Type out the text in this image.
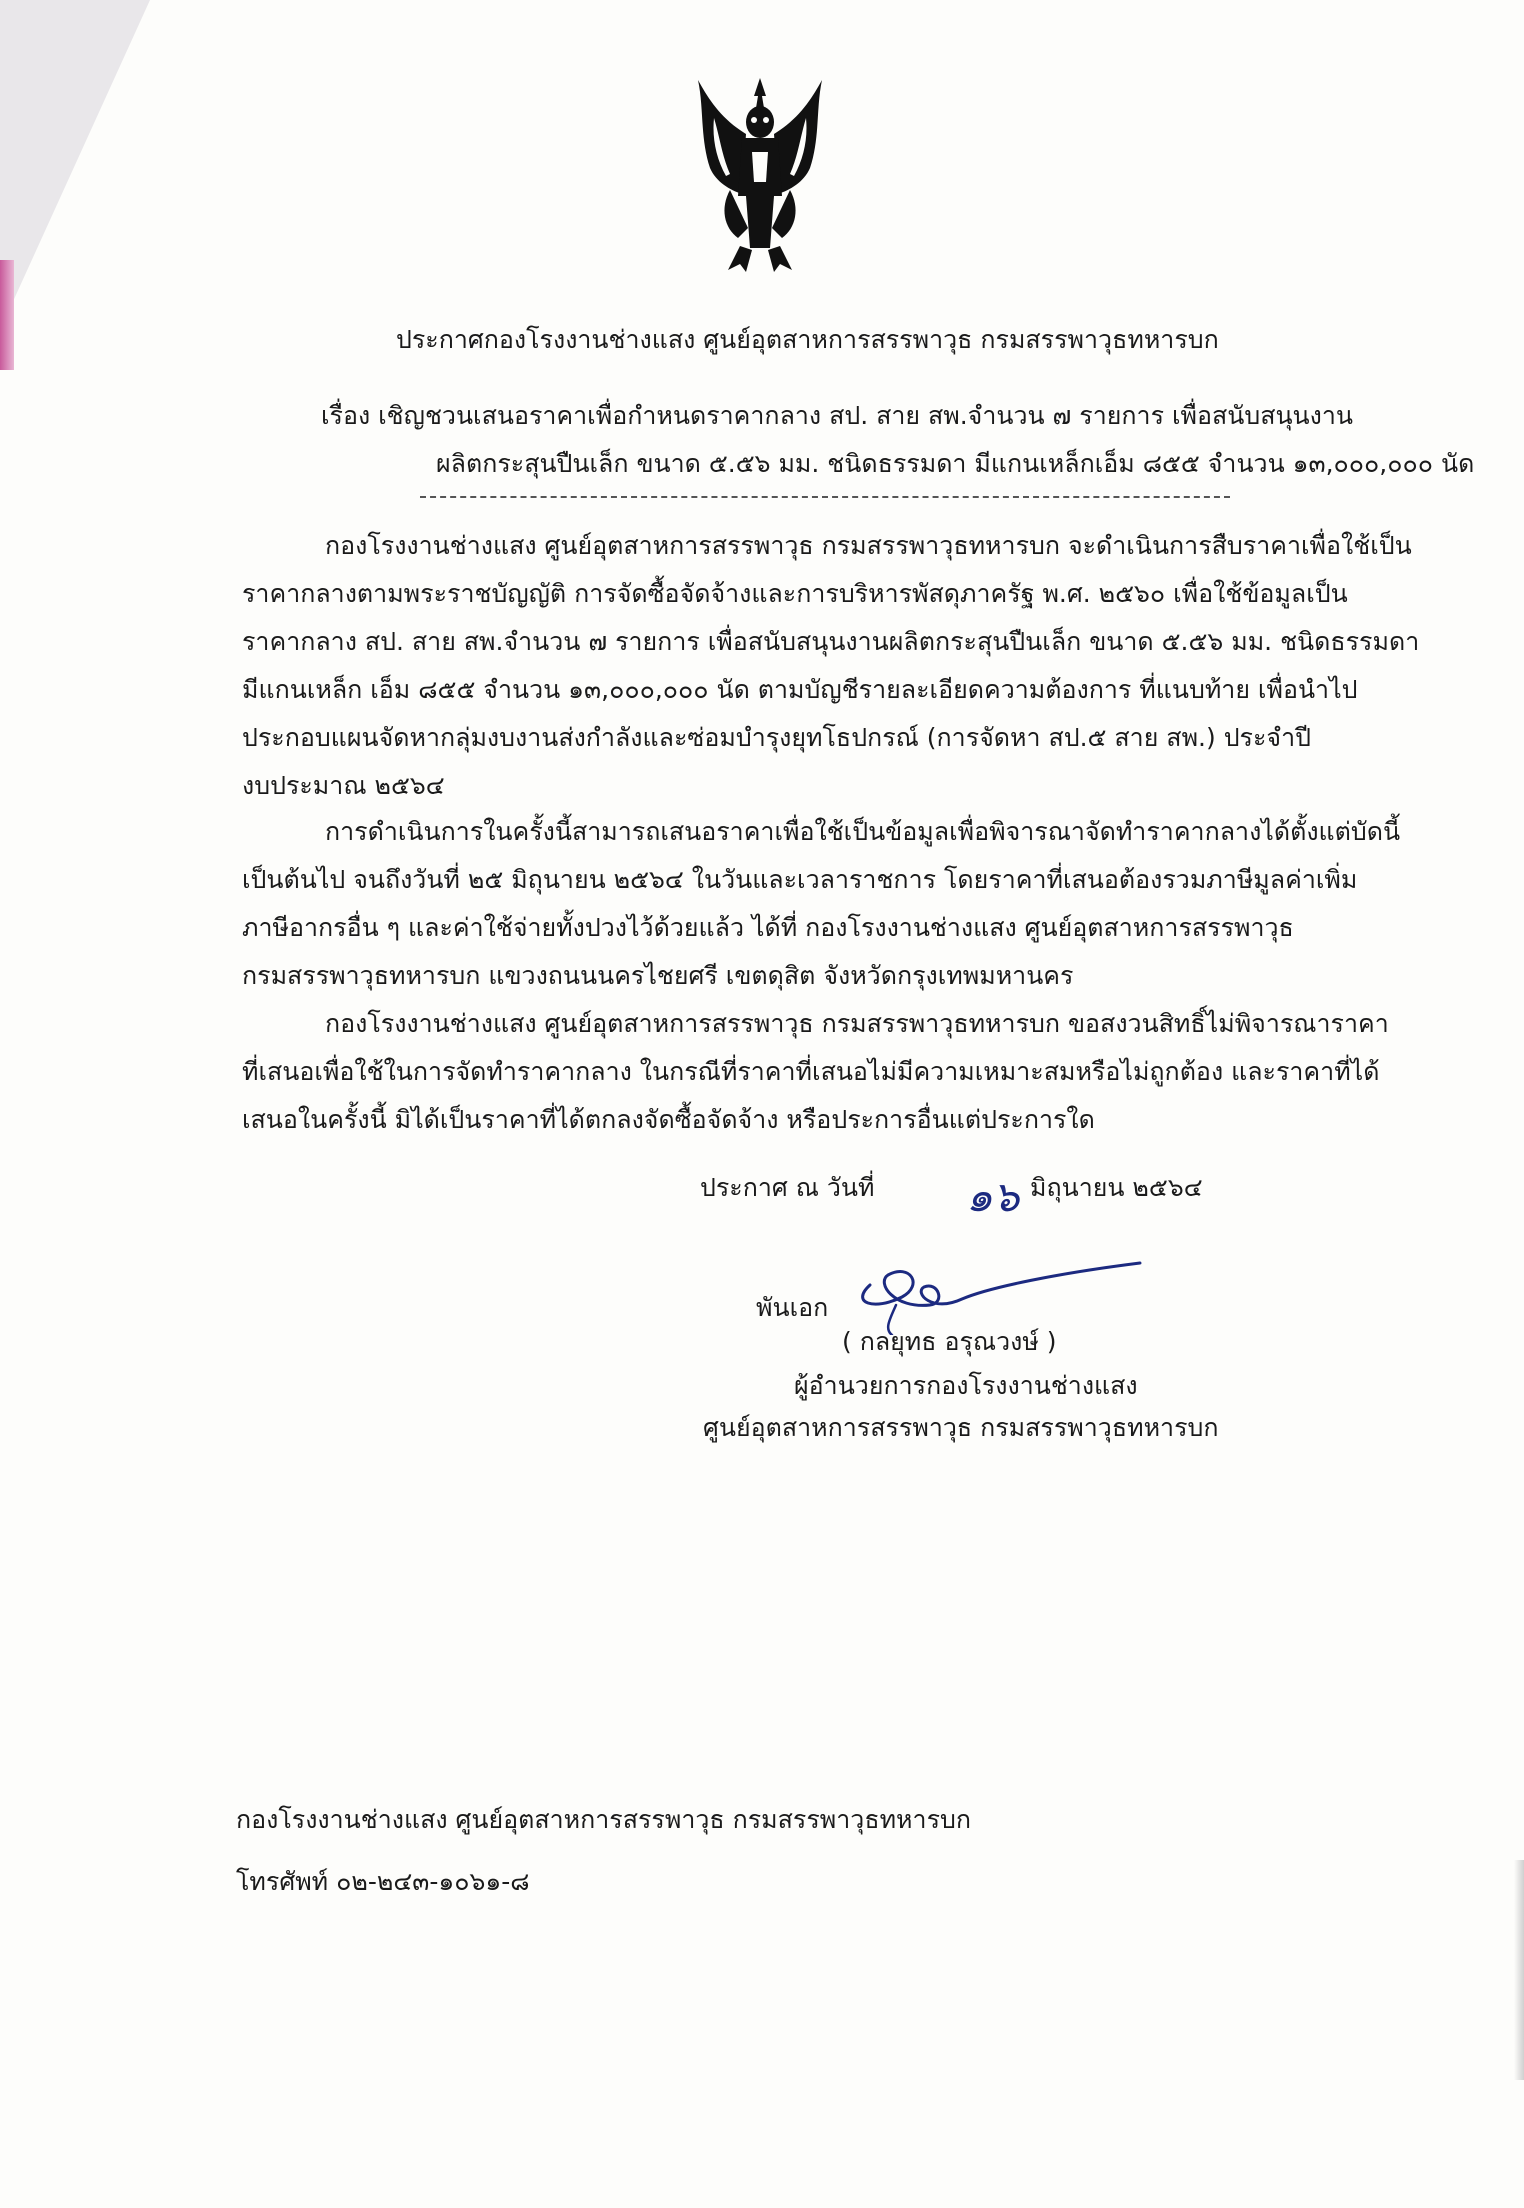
ประกาศกองโรงงานช่างแสง ศูนย์อุตสาหการสรรพาวุธ กรมสรรพาวุธทหารบก
เรื่อง เชิญชวนเสนอราคาเพื่อกำหนดราคากลาง สป. สาย สพ.จำนวน ๗ รายการ เพื่อสนับสนุนงาน
ผลิตกระสุนปืนเล็ก ขนาด ๕.๕๖ มม. ชนิดธรรมดา มีแกนเหล็กเอ็ม ๘๕๕ จำนวน ๑๓,๐๐๐,๐๐๐ นัด
กองโรงงานช่างแสง ศูนย์อุตสาหการสรรพาวุธ กรมสรรพาวุธทหารบก จะดำเนินการสืบราคาเพื่อใช้เป็น
ราคากลางตามพระราชบัญญัติ การจัดซื้อจัดจ้างและการบริหารพัสดุภาครัฐ พ.ศ. ๒๕๖๐ เพื่อใช้ข้อมูลเป็น
ราคากลาง สป. สาย สพ.จำนวน ๗ รายการ เพื่อสนับสนุนงานผลิตกระสุนปืนเล็ก ขนาด ๕.๕๖ มม. ชนิดธรรมดา
มีแกนเหล็ก เอ็ม ๘๕๕ จำนวน ๑๓,๐๐๐,๐๐๐ นัด ตามบัญชีรายละเอียดความต้องการ ที่แนบท้าย เพื่อนำไป
ประกอบแผนจัดหากลุ่มงบงานส่งกำลังและซ่อมบำรุงยุทโธปกรณ์ (การจัดหา สป.๕ สาย สพ.) ประจำปี
งบประมาณ ๒๕๖๔
การดำเนินการในครั้งนี้สามารถเสนอราคาเพื่อใช้เป็นข้อมูลเพื่อพิจารณาจัดทำราคากลางได้ตั้งแต่บัดนี้
เป็นต้นไป จนถึงวันที่ ๒๕ มิถุนายน ๒๕๖๔ ในวันและเวลาราชการ โดยราคาที่เสนอต้องรวมภาษีมูลค่าเพิ่ม
ภาษีอากรอื่น ๆ และค่าใช้จ่ายทั้งปวงไว้ด้วยแล้ว ได้ที่ กองโรงงานช่างแสง ศูนย์อุตสาหการสรรพาวุธ
กรมสรรพาวุธทหารบก แขวงถนนนครไชยศรี เขตดุสิต จังหวัดกรุงเทพมหานคร
กองโรงงานช่างแสง ศูนย์อุตสาหการสรรพาวุธ กรมสรรพาวุธทหารบก ขอสงวนสิทธิ์ไม่พิจารณาราคา
ที่เสนอเพื่อใช้ในการจัดทำราคากลาง ในกรณีที่ราคาที่เสนอไม่มีความเหมาะสมหรือไม่ถูกต้อง และราคาที่ได้
เสนอในครั้งนี้ มิได้เป็นราคาที่ได้ตกลงจัดซื้อจัดจ้าง หรือประการอื่นแต่ประการใด
ประกาศ ณ วันที่ ๑๖ มิถุนายน ๒๕๖๔
พันเอก
( กลยุทธ อรุณวงษ์ )
ผู้อำนวยการกองโรงงานช่างแสง
ศูนย์อุตสาหการสรรพาวุธ กรมสรรพาวุธทหารบก
กองโรงงานช่างแสง ศูนย์อุตสาหการสรรพาวุธ กรมสรรพาวุธทหารบก
โทรศัพท์ ๐๒-๒๔๓-๑๐๖๑-๘
